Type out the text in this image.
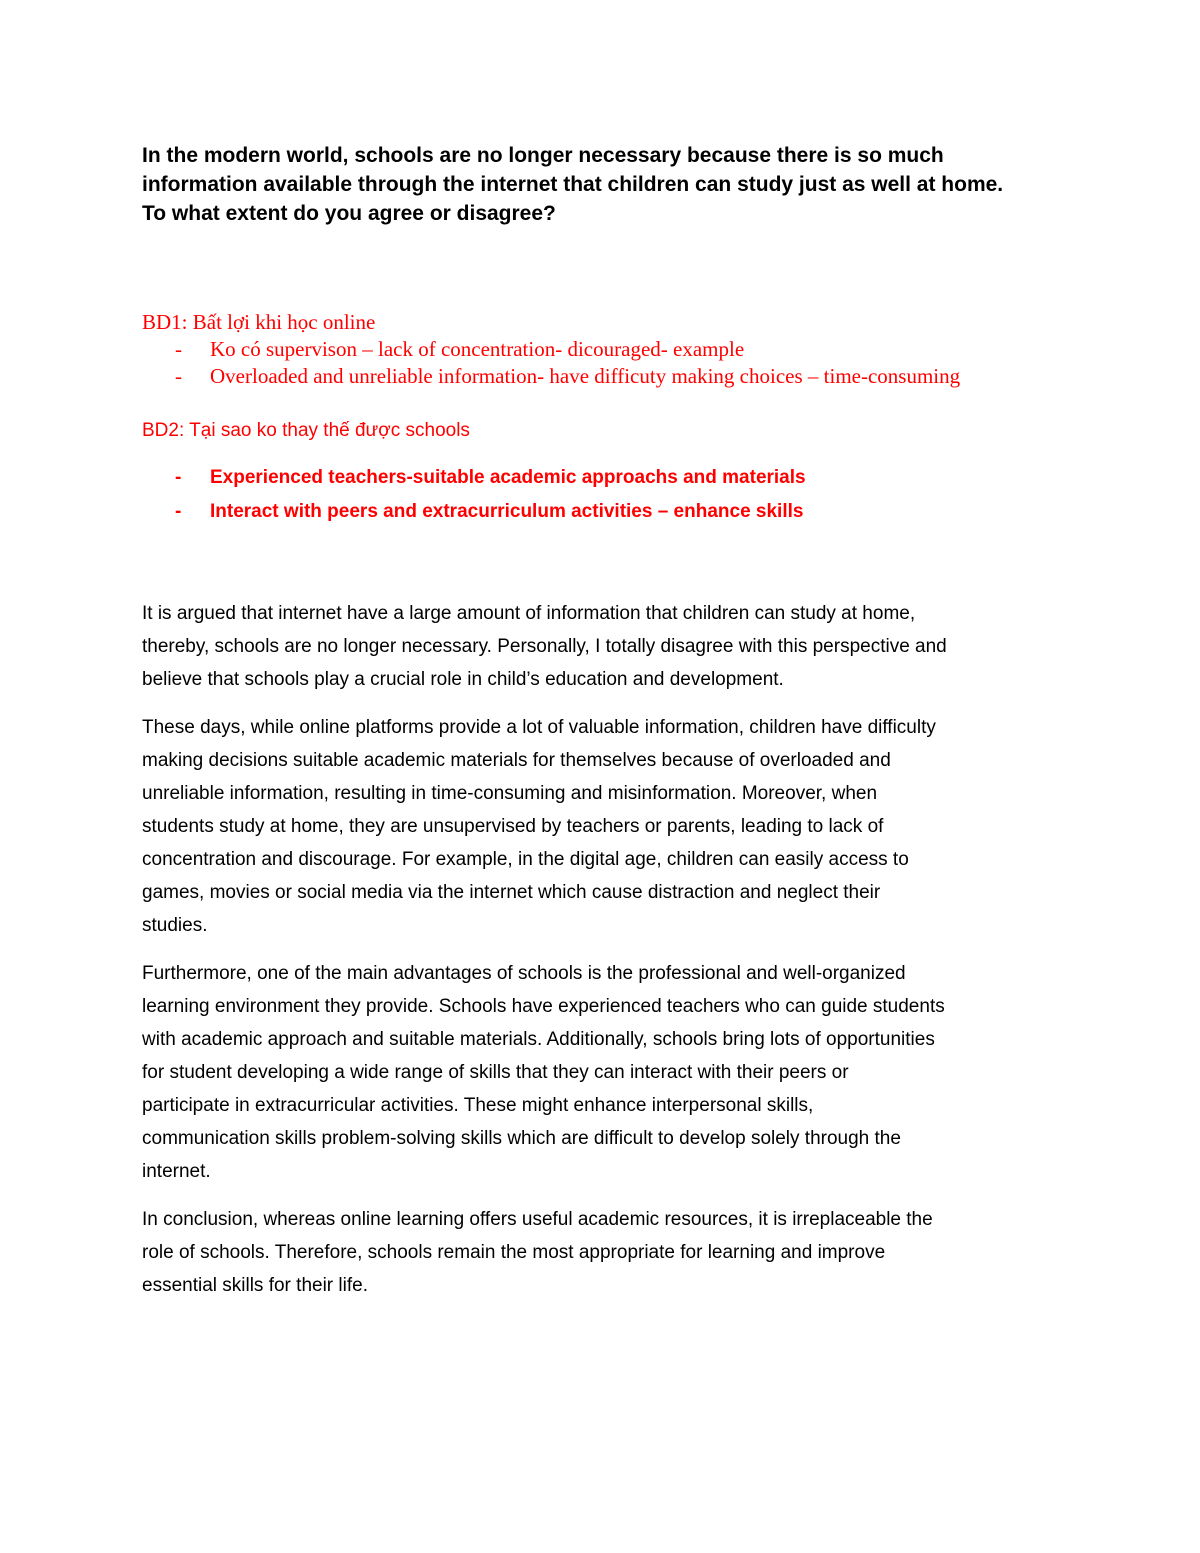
In the modern world, schools are no longer necessary because there is so much
information available through the internet that children can study just as well at home.
To what extent do you agree or disagree?
BD1: Bất lợi khi học online
-	Ko có supervison – lack of concentration- dicouraged- example
-	Overloaded and unreliable information- have difficuty making choices – time-consuming
BD2: Tại sao ko thay thế được schools
-	Experienced teachers-suitable academic approachs and materials
-	Interact with peers and extracurriculum activities – enhance skills

It is argued that internet have a large amount of information that children can study at home,
thereby, schools are no longer necessary. Personally, I totally disagree with this perspective and
believe that schools play a crucial role in child’s education and development.

These days, while online platforms provide a lot of valuable information, children have difficulty
making decisions suitable academic materials for themselves because of overloaded and
unreliable information, resulting in time-consuming and misinformation. Moreover, when
students study at home, they are unsupervised by teachers or parents, leading to lack of
concentration and discourage. For example, in the digital age, children can easily access to
games, movies or social media via the internet which cause distraction and neglect their
studies.

Furthermore, one of the main advantages of schools is the professional and well-organized
learning environment they provide. Schools have experienced teachers who can guide students
with academic approach and suitable materials. Additionally, schools bring lots of opportunities
for student developing a wide range of skills that they can interact with their peers or
participate in extracurricular activities. These might enhance interpersonal skills,
communication skills problem-solving skills which are difficult to develop solely through the
internet.

In conclusion, whereas online learning offers useful academic resources, it is irreplaceable the
role of schools. Therefore, schools remain the most appropriate for learning and improve
essential skills for their life.
